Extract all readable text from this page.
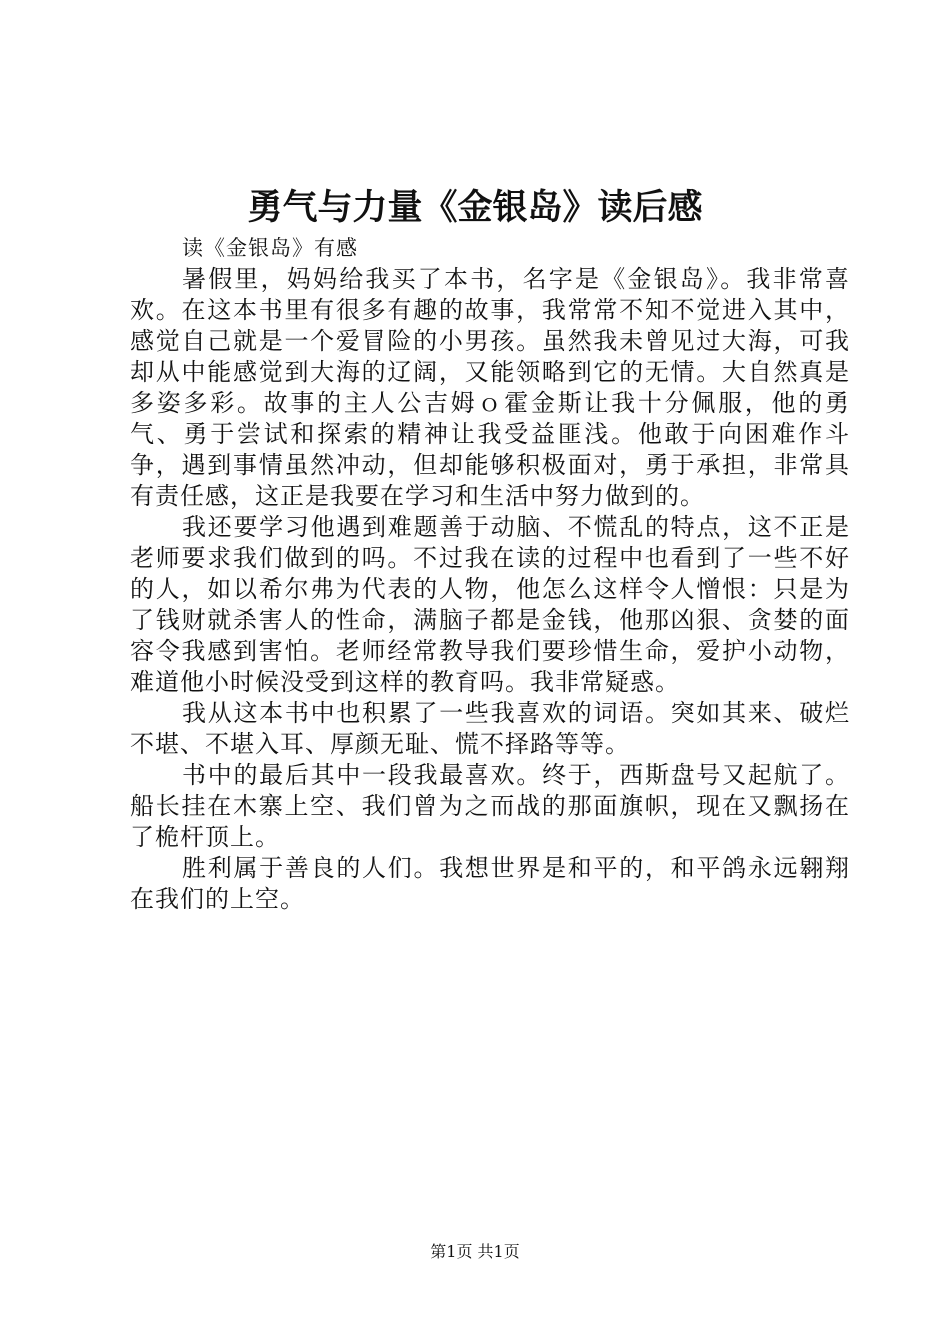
勇气与力量《金银岛》读后感

读《金银岛》有感

暑假里，妈妈给我买了本书，名字是《金银岛》。我非常喜欢。在这本书里有很多有趣的故事，我常常不知不觉进入其中，感觉自己就是一个爱冒险的小男孩。虽然我未曾见过大海，可我却从中能感觉到大海的辽阔，又能领略到它的无情。大自然真是多姿多彩。故事的主人公吉姆ｏ霍金斯让我十分佩服，他的勇气、勇于尝试和探索的精神让我受益匪浅。他敢于向困难作斗争，遇到事情虽然冲动，但却能够积极面对，勇于承担，非常具有责任感，这正是我要在学习和生活中努力做到的。

我还要学习他遇到难题善于动脑、不慌乱的特点，这不正是老师要求我们做到的吗。不过我在读的过程中也看到了一些不好的人，如以希尔弗为代表的人物，他怎么这样令人憎恨：只是为了钱财就杀害人的性命，满脑子都是金钱，他那凶狠、贪婪的面容令我感到害怕。老师经常教导我们要珍惜生命，爱护小动物，难道他小时候没受到这样的教育吗。我非常疑惑。

我从这本书中也积累了一些我喜欢的词语。突如其来、破烂不堪、不堪入耳、厚颜无耻、慌不择路等等。

书中的最后其中一段我最喜欢。终于，西斯盘号又起航了。船长挂在木寨上空、我们曾为之而战的那面旗帜，现在又飘扬在了桅杆顶上。

胜利属于善良的人们。我想世界是和平的，和平鸽永远翱翔在我们的上空。

第1页 共1页
